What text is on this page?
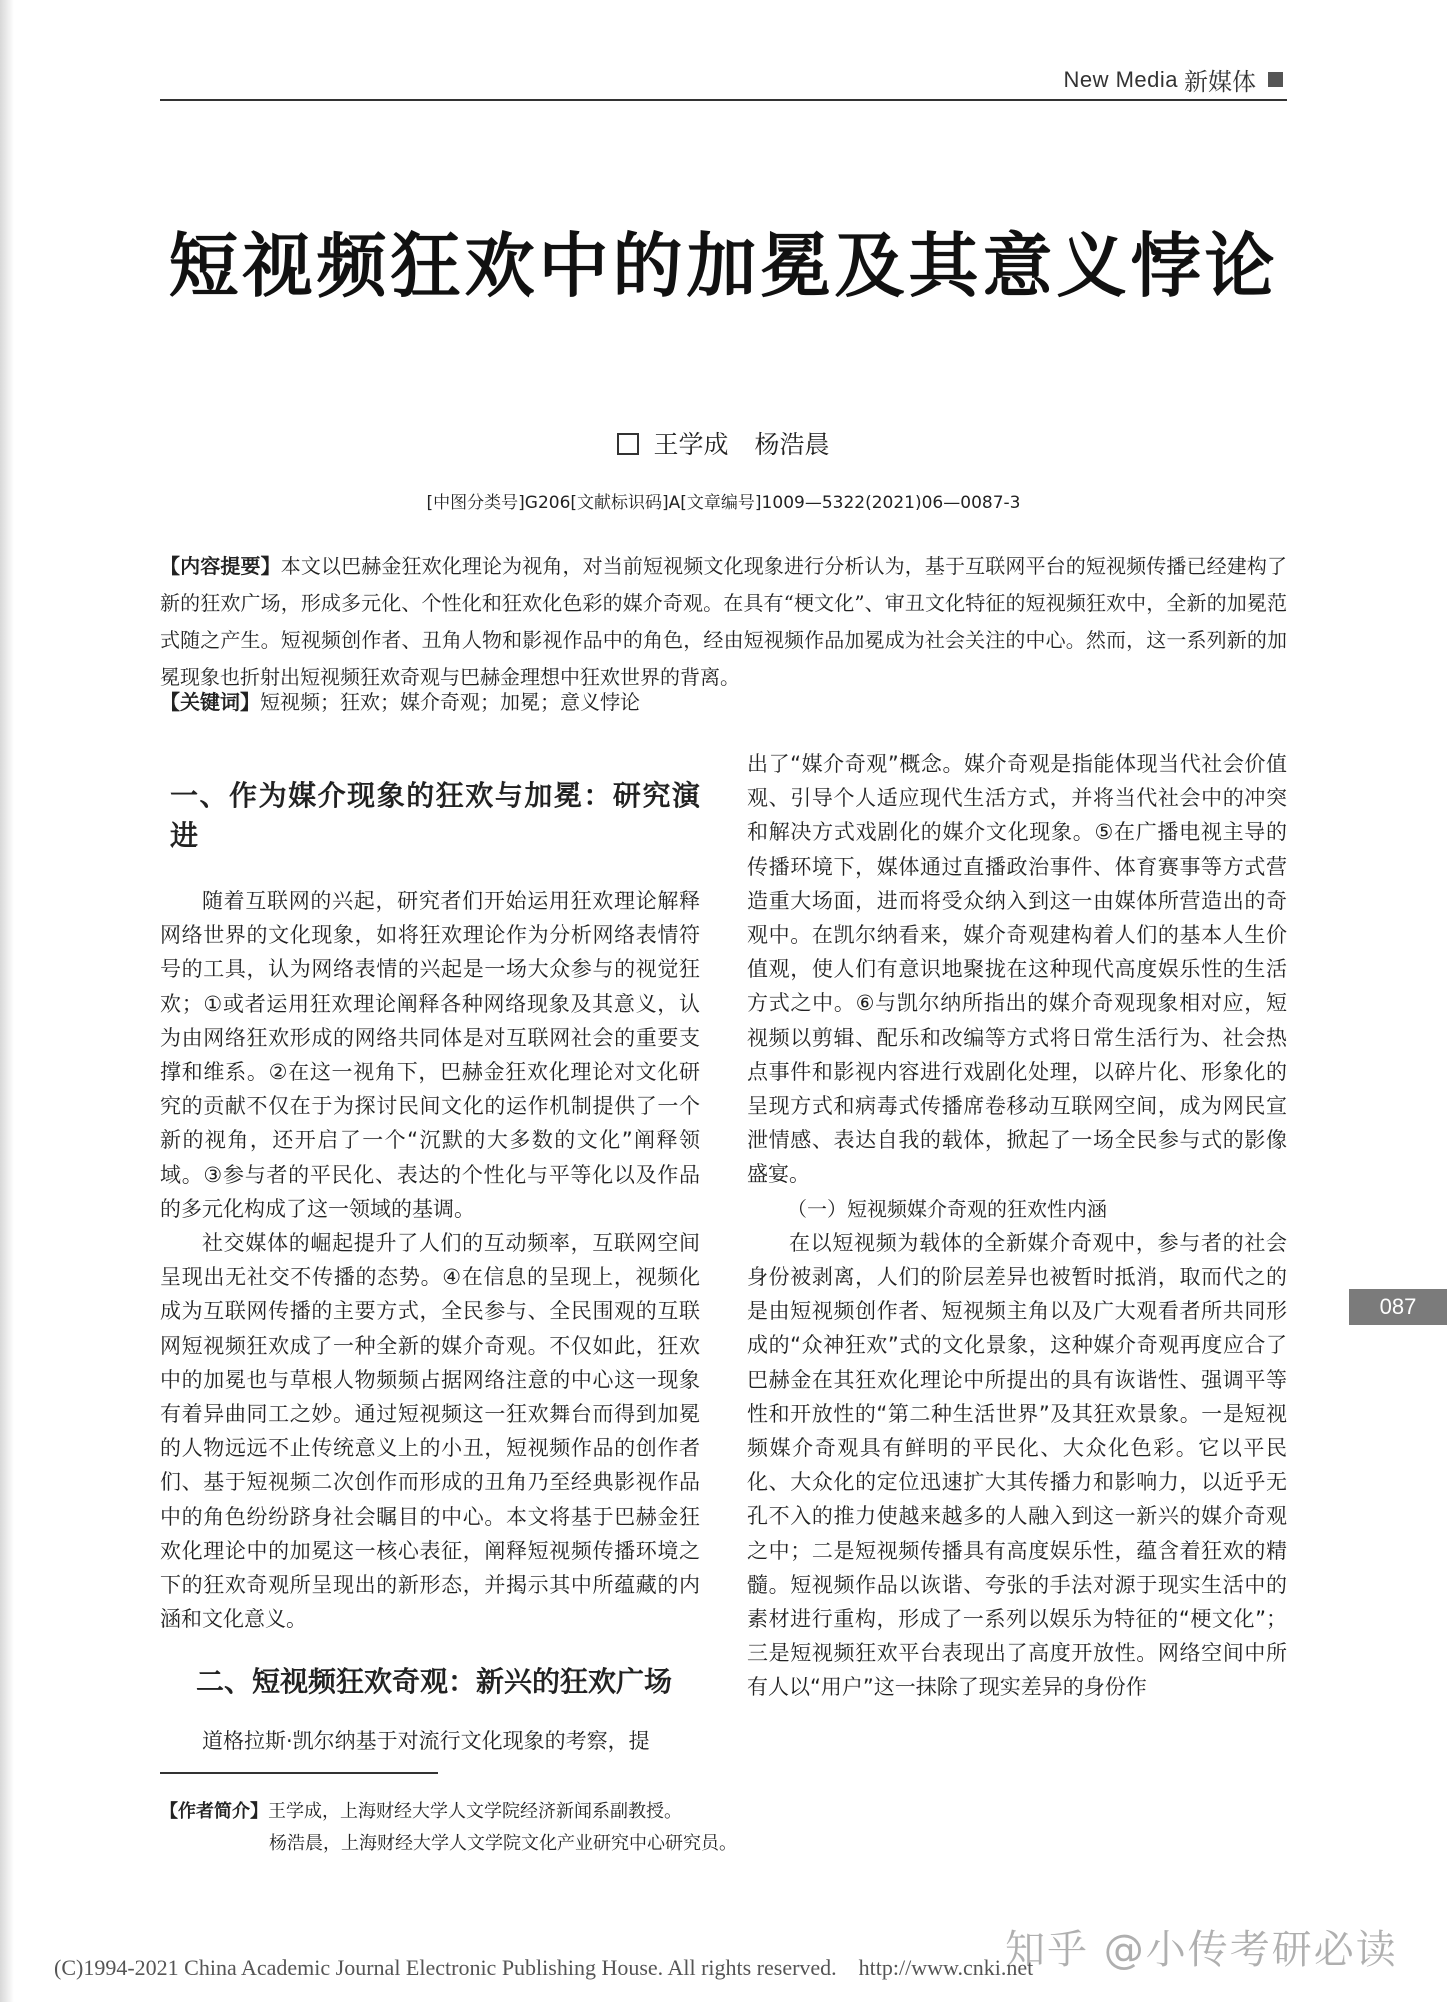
New Media 新媒体
短视频狂欢中的加冕及其意义悖论
王学成 杨浩晨
[中图分类号]G206[文献标识码]A[文章编号]1009—5322(2021)06—0087-3
【内容提要】本文以巴赫金狂欢化理论为视角，对当前短视频文化现象进行分析认为，基于互联网平台的短视频传播已经建构了新的狂欢广场，形成多元化、个性化和狂欢化色彩的媒介奇观。在具有“梗文化”、审丑文化特征的短视频狂欢中，全新的加冕范式随之产生。短视频创作者、丑角人物和影视作品中的角色，经由短视频作品加冕成为社会关注的中心。然而，这一系列新的加冕现象也折射出短视频狂欢奇观与巴赫金理想中狂欢世界的背离。
【关键词】短视频；狂欢；媒介奇观；加冕；意义悖论
一、作为媒介现象的狂欢与加冕：研究演进

随着互联网的兴起，研究者们开始运用狂欢理论解释网络世界的文化现象，如将狂欢理论作为分析网络表情符号的工具，认为网络表情的兴起是一场大众参与的视觉狂欢；①或者运用狂欢理论阐释各种网络现象及其意义，认为由网络狂欢形成的网络共同体是对互联网社会的重要支撑和维系。②在这一视角下，巴赫金狂欢化理论对文化研究的贡献不仅在于为探讨民间文化的运作机制提供了一个新的视角，还开启了一个“沉默的大多数的文化”阐释领域。③参与者的平民化、表达的个性化与平等化以及作品的多元化构成了这一领域的基调。

社交媒体的崛起提升了人们的互动频率，互联网空间呈现出无社交不传播的态势。④在信息的呈现上，视频化成为互联网传播的主要方式，全民参与、全民围观的互联网短视频狂欢成了一种全新的媒介奇观。不仅如此，狂欢中的加冕也与草根人物频频占据网络注意的中心这一现象有着异曲同工之妙。通过短视频这一狂欢舞台而得到加冕的人物远远不止传统意义上的小丑，短视频作品的创作者们、基于短视频二次创作而形成的丑角乃至经典影视作品中的角色纷纷跻身社会瞩目的中心。本文将基于巴赫金狂欢化理论中的加冕这一核心表征，阐释短视频传播环境之下的狂欢奇观所呈现出的新形态，并揭示其中所蕴藏的内涵和文化意义。

二、短视频狂欢奇观：新兴的狂欢广场

道格拉斯·凯尔纳基于对流行文化现象的考察，提

出了“媒介奇观”概念。媒介奇观是指能体现当代社会价值观、引导个人适应现代生活方式，并将当代社会中的冲突和解决方式戏剧化的媒介文化现象。⑤在广播电视主导的传播环境下，媒体通过直播政治事件、体育赛事等方式营造重大场面，进而将受众纳入到这一由媒体所营造出的奇观中。在凯尔纳看来，媒介奇观建构着人们的基本人生价值观，使人们有意识地聚拢在这种现代高度娱乐性的生活方式之中。⑥与凯尔纳所指出的媒介奇观现象相对应，短视频以剪辑、配乐和改编等方式将日常生活行为、社会热点事件和影视内容进行戏剧化处理，以碎片化、形象化的呈现方式和病毒式传播席卷移动互联网空间，成为网民宣泄情感、表达自我的载体，掀起了一场全民参与式的影像盛宴。

（一）短视频媒介奇观的狂欢性内涵

在以短视频为载体的全新媒介奇观中，参与者的社会身份被剥离，人们的阶层差异也被暂时抵消，取而代之的是由短视频创作者、短视频主角以及广大观看者所共同形成的“众神狂欢”式的文化景象，这种媒介奇观再度应合了巴赫金在其狂欢化理论中所提出的具有诙谐性、强调平等性和开放性的“第二种生活世界”及其狂欢景象。一是短视频媒介奇观具有鲜明的平民化、大众化色彩。它以平民化、大众化的定位迅速扩大其传播力和影响力，以近乎无孔不入的推力使越来越多的人融入到这一新兴的媒介奇观之中；二是短视频传播具有高度娱乐性，蕴含着狂欢的精髓。短视频作品以诙谐、夸张的手法对源于现实生活中的素材进行重构，形成了一系列以娱乐为特征的“梗文化”；三是短视频狂欢平台表现出了高度开放性。网络空间中所有人以“用户”这一抹除了现实差异的身份作

087
【作者简介】王学成，上海财经大学人文学院经济新闻系副教授。
杨浩晨，上海财经大学人文学院文化产业研究中心研究员。
知乎 @小传考研必读
(C)1994-2021 China Academic Journal Electronic Publishing House. All rights reserved.    http://www.cnki.net
